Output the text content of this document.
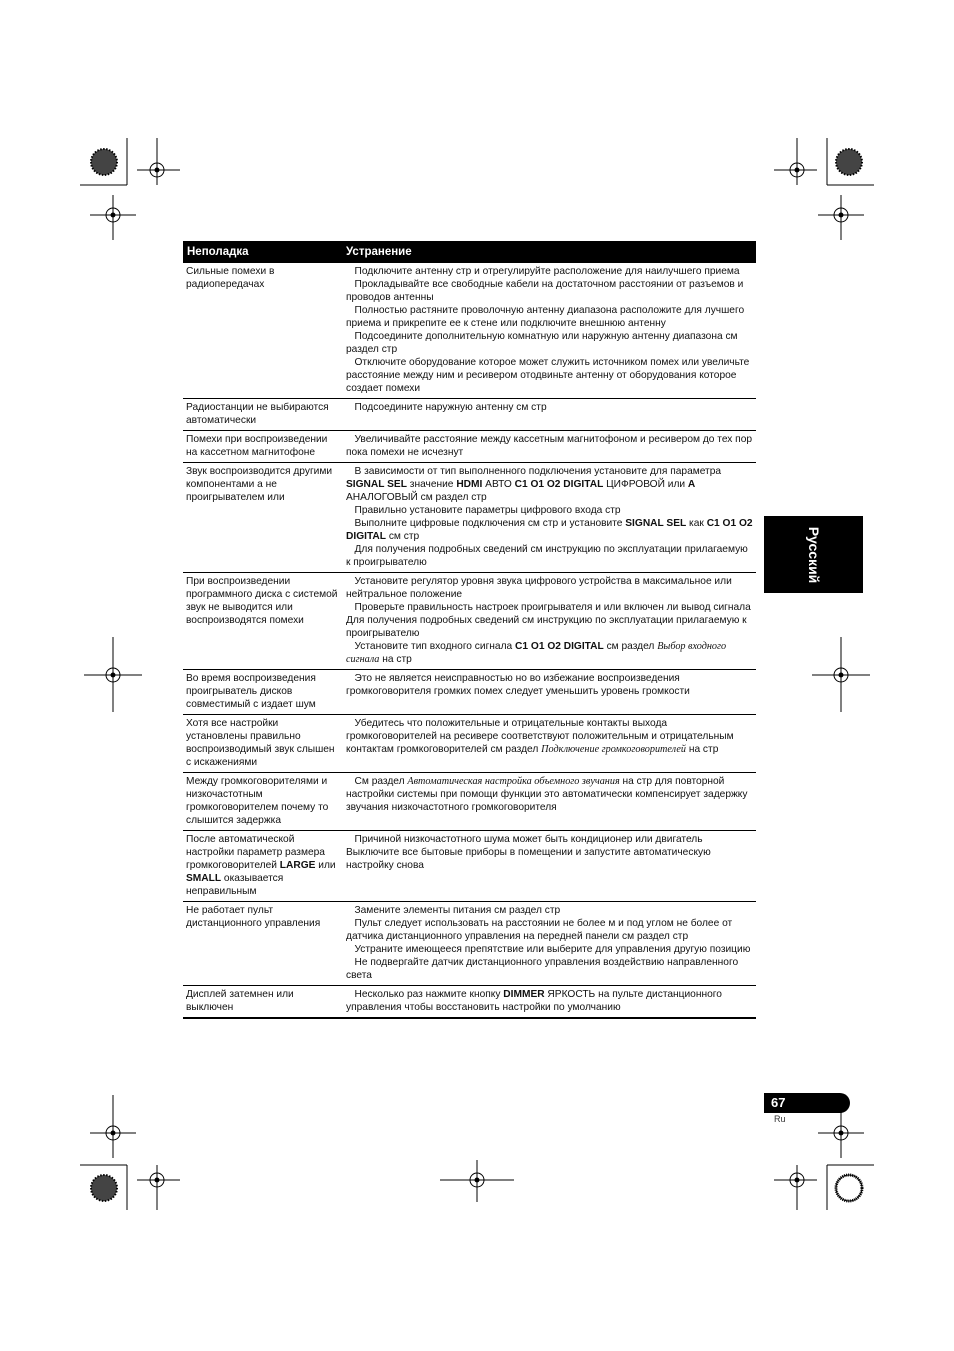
Неполадка	Устранение
Сильные помехи в радиопередачах
Подключите антенну стр и отрегулируйте расположение для наилучшего приема
Прокладывайте все свободные кабели на достаточном расстоянии от разъемов и проводов антенны
Полностью растяните проволочную антенну диапазона расположите для лучшего приема и прикрепите ее к стене или подключите внешнюю антенну
Подсоедините дополнительную комнатную или наружную антенну диапазона см раздел стр
Отключите оборудование которое может служить источником помех или увеличьте расстояние между ним и ресивером отодвиньте антенну от оборудования которое создает помехи
Радиостанции не выбираются автоматически
Подсоедините наружную антенну см стр
Помехи при воспроизведении на кассетном магнитофоне
Увеличивайте расстояние между кассетным магнитофоном и ресивером до тех пор пока помехи не исчезнут
Звук воспроизводится другими компонентами а не проигрывателем или
В зависимости от тип выполненного подключения установите для параметра SIGNAL SEL значение HDMI АВТО C1 O1 O2 DIGITAL ЦИФРОВОЙ или A АНАЛОГОВЫЙ см раздел стр
Правильно установите параметры цифрового входа стр
Выполните цифровые подключения см стр и установите SIGNAL SEL как C1 O1 O2 DIGITAL см стр
Для получения подробных сведений см инструкцию по эксплуатации прилагаемую к проигрывателю
При воспроизведении программного диска с системой звук не выводится или воспроизводятся помехи
Установите регулятор уровня звука цифрового устройства в максимальное или нейтральное положение
Проверьте правильность настроек проигрывателя и или включен ли вывод сигнала Для получения подробных сведений см инструкцию по эксплуатации прилагаемую к проигрывателю
Установите тип входного сигнала C1 O1 O2 DIGITAL см раздел Выбор входного сигнала на стр
Во время воспроизведения проигрыватель дисков совместимый с издает шум
Это не является неисправностью но во избежание воспроизведения громкоговорителя громких помех следует уменьшить уровень громкости
Хотя все настройки установлены правильно воспроизводимый звук слышен с искажениями
Убедитесь что положительные и отрицательные контакты выхода громкоговорителей на ресивере соответствуют положительным и отрицательным контактам громкоговорителей см раздел Подключение громкоговорителей на стр
Между громкоговорителями и низкочастотным громкоговорителем почему то слышится задержка
См раздел Автоматическая настройка объемного звучания на стр для повторной настройки системы при помощи функции это автоматически компенсирует задержку звучания низкочастотного громкоговорителя
После автоматической настройки параметр размера громкоговорителей LARGE или SMALL оказывается неправильным
Причиной низкочастотного шума может быть кондиционер или двигатель Выключите все бытовые приборы в помещении и запустите автоматическую настройку снова
Не работает пульт дистанционного управления
Замените элементы питания см раздел стр
Пульт следует использовать на расстоянии не более м и под углом не более от датчика дистанционного управления на передней панели см раздел стр
Устраните имеющееся препятствие или выберите для управления другую позицию
Не подвергайте датчик дистанционного управления воздействию направленного света
Дисплей затемнен или выключен
Несколько раз нажмите кнопку DIMMER ЯРКОСТЬ на пульте дистанционного управления чтобы восстановить настройки по умолчанию
Русский
67
Ru
